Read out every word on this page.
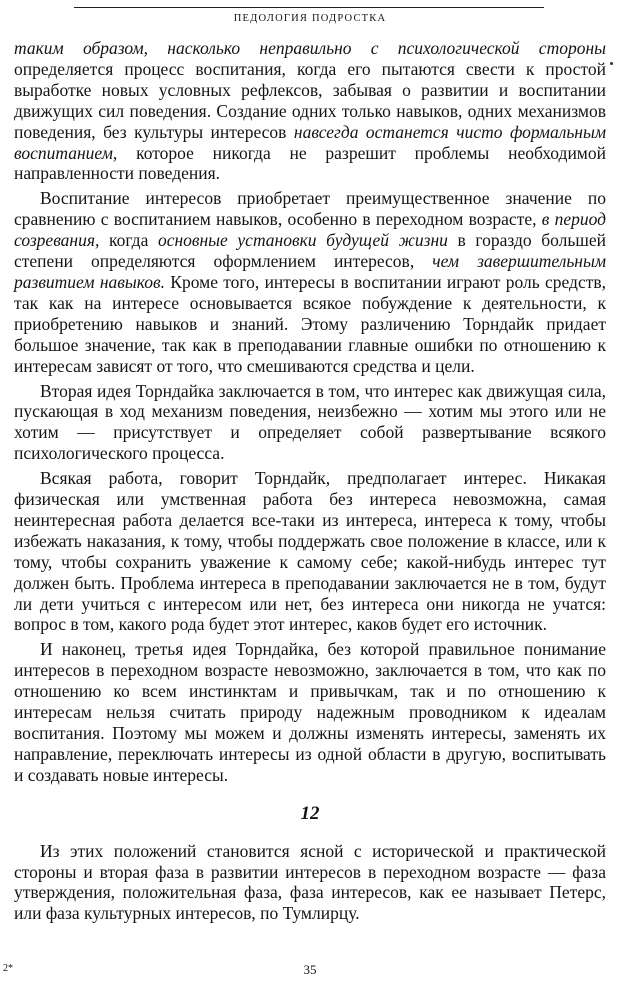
ПЕДОЛОГИЯ ПОДРОСТКА

таким образом, насколько неправильно с психологической стороны определяется процесс воспитания, когда его пытаются свести к простой выработке новых условных рефлексов, забывая о развитии и воспитании движущих сил поведения. Создание одних только навыков, одних механизмов поведения, без культуры интересов навсегда останется чисто формальным воспитанием, которое никогда не разрешит проблемы необходимой направленности поведения.

Воспитание интересов приобретает преимущественное значение по сравнению с воспитанием навыков, особенно в переходном возрасте, в период созревания, когда основные установки будущей жизни в гораздо большей степени определяются оформлением интересов, чем завершительным развитием навыков. Кроме того, интересы в воспитании играют роль средств, так как на интересе основывается всякое побуждение к деятельности, к приобретению навыков и знаний. Этому различению Торндайк придает большое значение, так как в преподавании главные ошибки по отношению к интересам зависят от того, что смешиваются средства и цели.

Вторая идея Торндайка заключается в том, что интерес как движущая сила, пускающая в ход механизм поведения, неизбежно — хотим мы этого или не хотим — присутствует и определяет собой развертывание всякого психологического процесса.

Всякая работа, говорит Торндайк, предполагает интерес. Никакая физическая или умственная работа без интереса невозможна, самая неинтересная работа делается все-таки из интереса, интереса к тому, чтобы избежать наказания, к тому, чтобы поддержать свое положение в классе, или к тому, чтобы сохранить уважение к самому себе; какой-нибудь интерес тут должен быть. Проблема интереса в преподавании заключается не в том, будут ли дети учиться с интересом или нет, без интереса они никогда не учатся: вопрос в том, какого рода будет этот интерес, каков будет его источник.

И наконец, третья идея Торндайка, без которой правильное понимание интересов в переходном возрасте невозможно, заключается в том, что как по отношению ко всем инстинктам и привычкам, так и по отношению к интересам нельзя считать природу надежным проводником к идеалам воспитания. Поэтому мы можем и должны изменять интересы, заменять их направление, переключать интересы из одной области в другую, воспитывать и создавать новые интересы.

12

Из этих положений становится ясной с исторической и практической стороны и вторая фаза в развитии интересов в переходном возрасте — фаза утверждения, положительная фаза, фаза интересов, как ее называет Петерс, или фаза культурных интересов, по Тумлирцу.

2*	35
